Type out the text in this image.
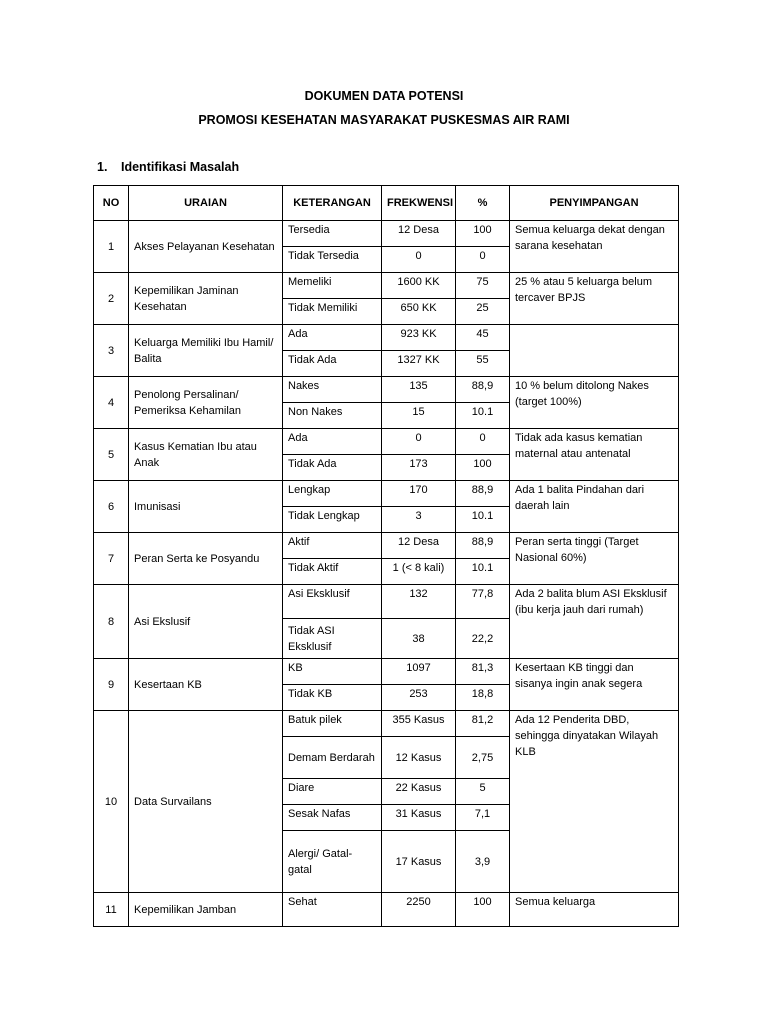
DOKUMEN DATA POTENSI
PROMOSI KESEHATAN MASYARAKAT PUSKESMAS AIR RAMI
1. Identifikasi Masalah
NO	URAIAN	KETERANGAN	FREKWENSI	%	PENYIMPANGAN
1	Akses Pelayanan Kesehatan	Tersedia	12 Desa	100	Semua keluarga dekat dengan sarana kesehatan
		Tidak Tersedia	0	0	
2	Kepemilikan Jaminan Kesehatan	Memeliki	1600 KK	75	25 % atau 5 keluarga belum tercaver BPJS
		Tidak Memiliki	650 KK	25	
3	Keluarga Memiliki Ibu Hamil/ Balita	Ada	923 KK	45	
		Tidak Ada	1327 KK	55	
4	Penolong Persalinan/ Pemeriksa Kehamilan	Nakes	135	88,9	10 % belum ditolong Nakes (target 100%)
		Non Nakes	15	10.1	
5	Kasus Kematian Ibu atau Anak	Ada	0	0	Tidak ada kasus kematian maternal atau antenatal
		Tidak Ada	173	100	
6	Imunisasi	Lengkap	170	88,9	Ada 1 balita Pindahan dari daerah lain
		Tidak Lengkap	3	10.1	
7	Peran Serta ke Posyandu	Aktif	12 Desa	88,9	Peran serta tinggi (Target Nasional 60%)
		Tidak Aktif	1 (< 8 kali)	10.1	
8	Asi Ekslusif	Asi Eksklusif	132	77,8	Ada 2 balita blum ASI Eksklusif (ibu kerja jauh dari rumah)
		Tidak ASI Eksklusif	38	22,2	
9	Kesertaan KB	KB	1097	81,3	Kesertaan KB tinggi dan sisanya ingin anak segera
		Tidak KB	253	18,8	
10	Data Survailans	Batuk pilek	355 Kasus	81,2	Ada 12 Penderita DBD, sehingga dinyatakan Wilayah KLB
		Demam Berdarah	12 Kasus	2,75	
		Diare	22 Kasus	5	
		Sesak Nafas	31 Kasus	7,1	
		Alergi/ Gatal-gatal	17 Kasus	3,9	
11	Kepemilikan Jamban	Sehat	2250	100	Semua keluarga
